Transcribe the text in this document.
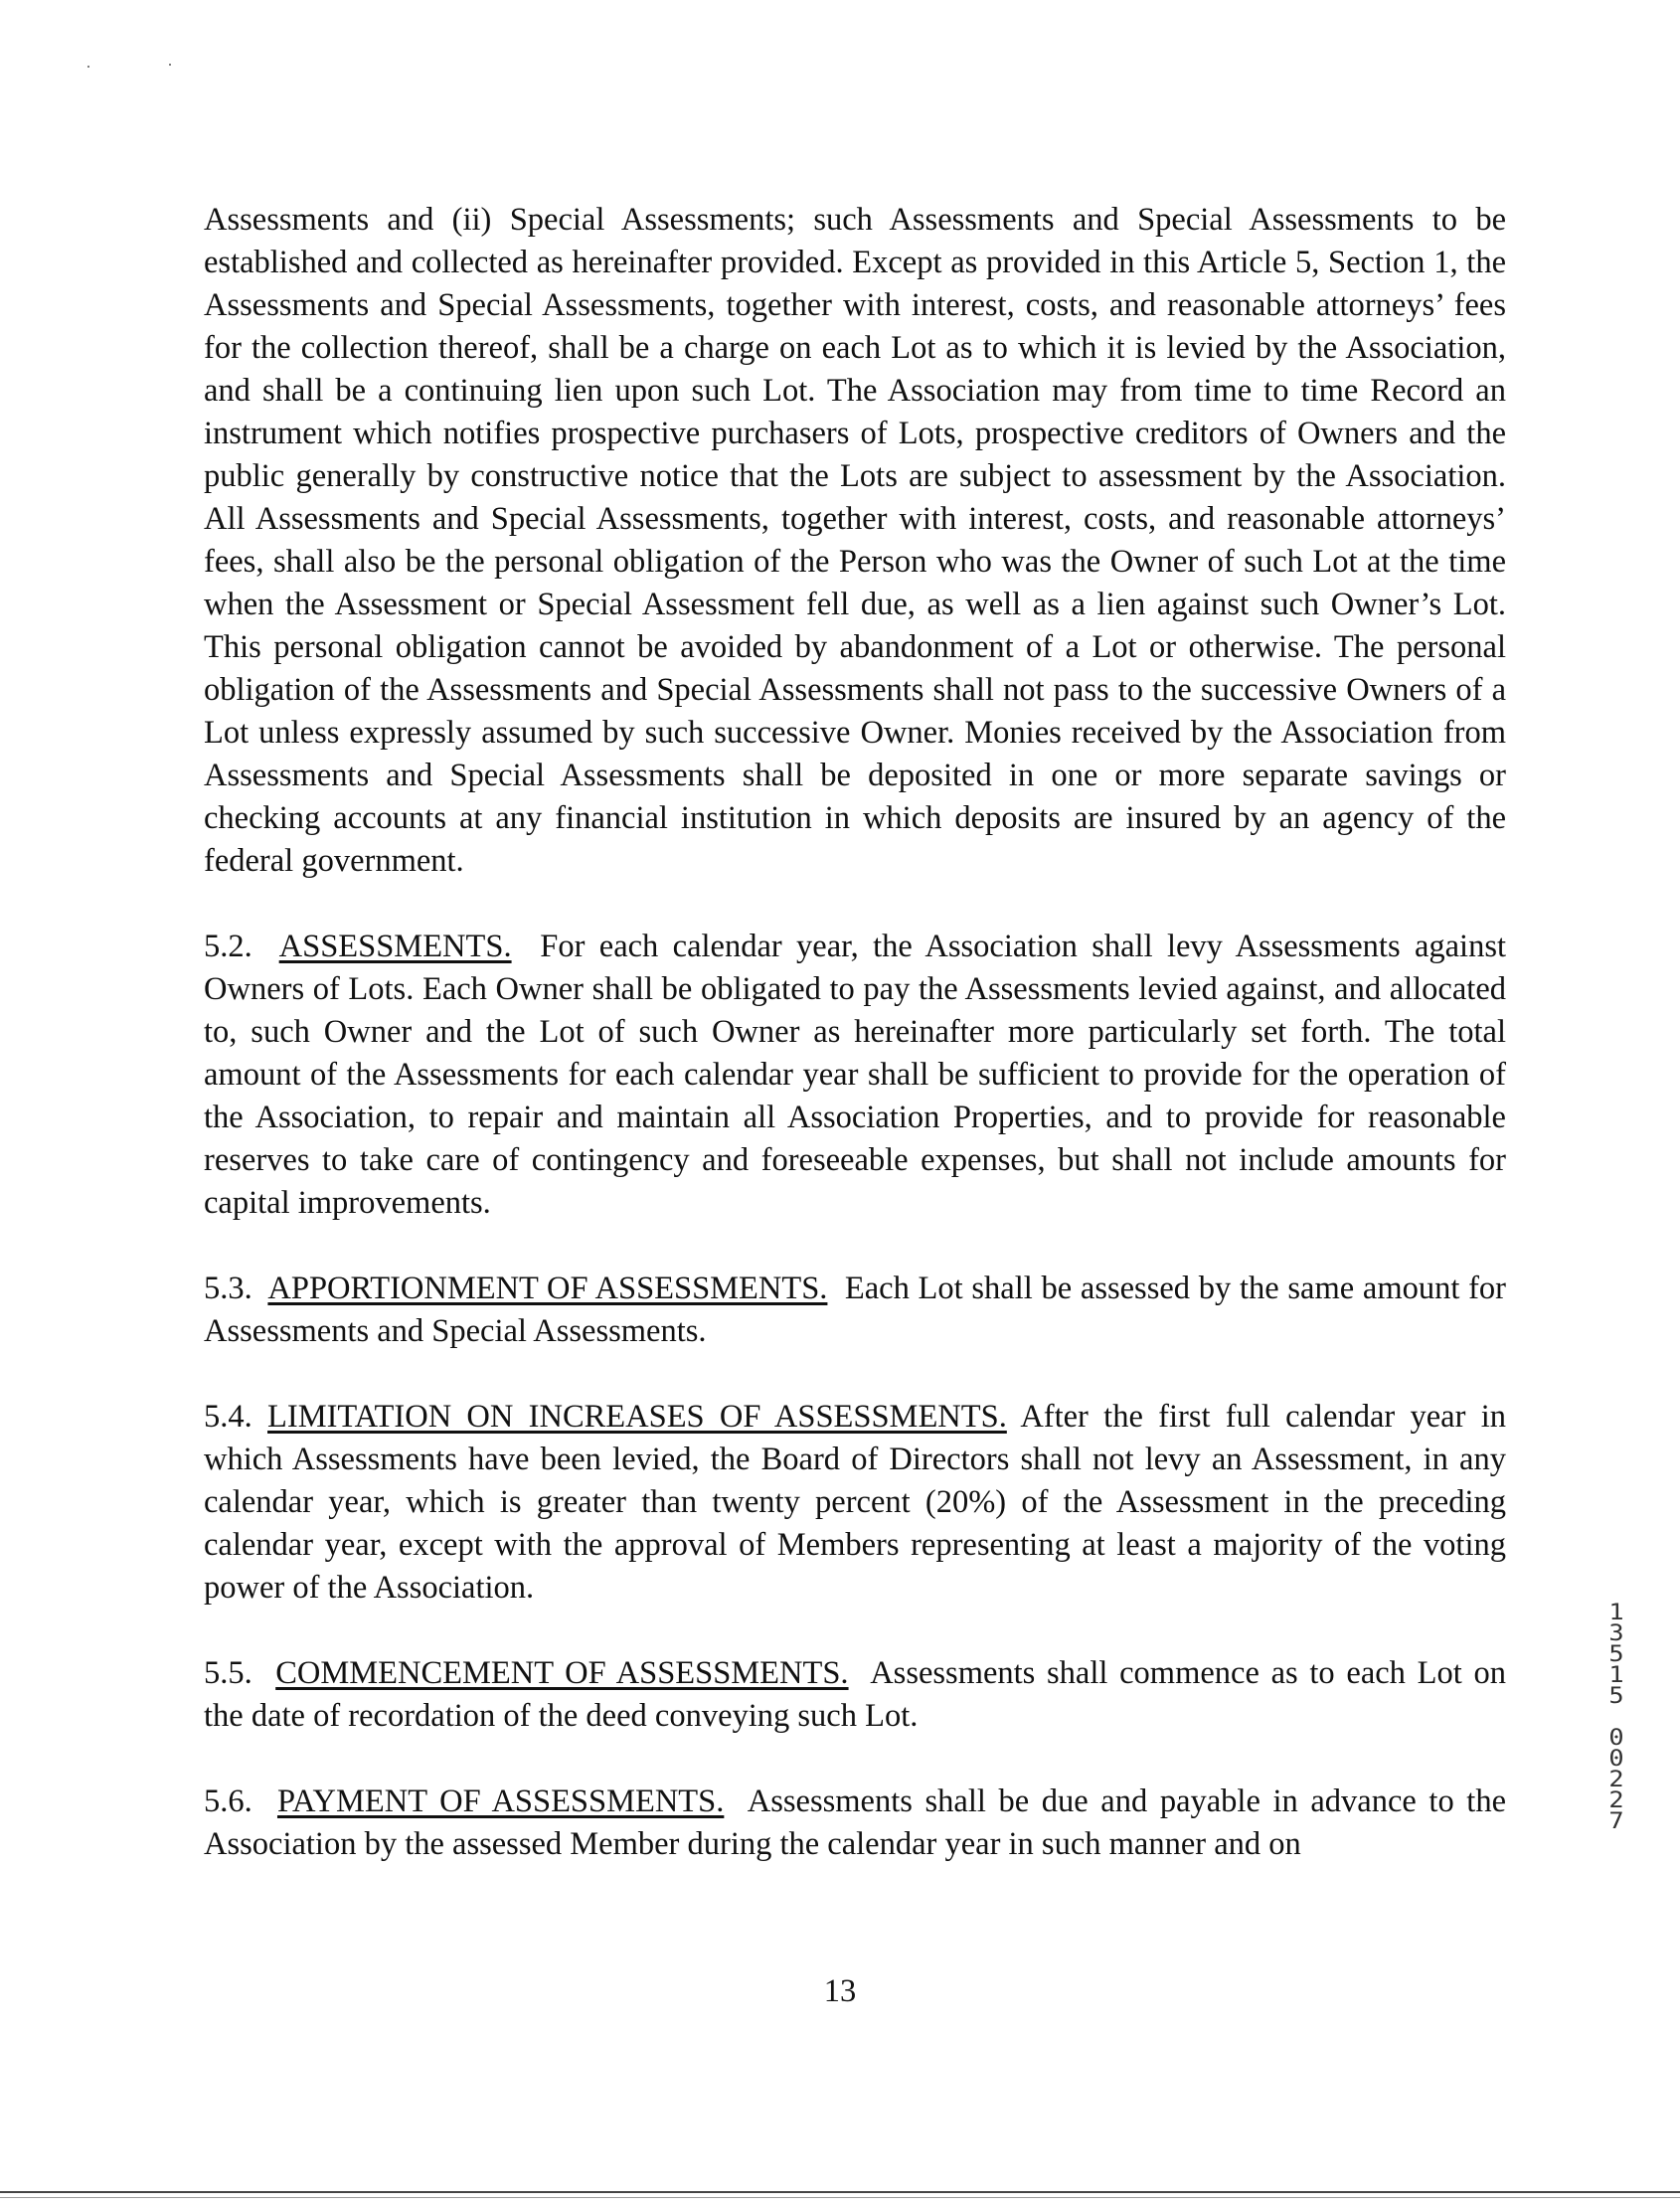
Assessments and (ii) Special Assessments; such Assessments and Special Assessments to be established and collected as hereinafter provided. Except as provided in this Article 5, Section 1, the Assessments and Special Assessments, together with interest, costs, and reasonable attorneys’ fees for the collection thereof, shall be a charge on each Lot as to which it is levied by the Association, and shall be a continuing lien upon such Lot. The Association may from time to time Record an instrument which notifies prospective purchasers of Lots, prospective creditors of Owners and the public generally by constructive notice that the Lots are subject to assessment by the Association. All Assessments and Special Assessments, together with interest, costs, and reasonable attorneys’ fees, shall also be the personal obligation of the Person who was the Owner of such Lot at the time when the Assessment or Special Assessment fell due, as well as a lien against such Owner’s Lot. This personal obligation cannot be avoided by abandonment of a Lot or otherwise. The personal obligation of the Assessments and Special Assessments shall not pass to the successive Owners of a Lot unless expressly assumed by such successive Owner. Monies received by the Association from Assessments and Special Assessments shall be deposited in one or more separate savings or checking accounts at any financial institution in which deposits are insured by an agency of the federal government.

5.2. ASSESSMENTS. For each calendar year, the Association shall levy Assessments against Owners of Lots. Each Owner shall be obligated to pay the Assessments levied against, and allocated to, such Owner and the Lot of such Owner as hereinafter more particularly set forth. The total amount of the Assessments for each calendar year shall be sufficient to provide for the operation of the Association, to repair and maintain all Association Properties, and to provide for reasonable reserves to take care of contingency and foreseeable expenses, but shall not include amounts for capital improvements.

5.3. APPORTIONMENT OF ASSESSMENTS. Each Lot shall be assessed by the same amount for Assessments and Special Assessments.

5.4. LIMITATION ON INCREASES OF ASSESSMENTS. After the first full calendar year in which Assessments have been levied, the Board of Directors shall not levy an Assessment, in any calendar year, which is greater than twenty percent (20%) of the Assessment in the preceding calendar year, except with the approval of Members representing at least a majority of the voting power of the Association.

5.5. COMMENCEMENT OF ASSESSMENTS. Assessments shall commence as to each Lot on the date of recordation of the deed conveying such Lot.

5.6. PAYMENT OF ASSESSMENTS. Assessments shall be due and payable in advance to the Association by the assessed Member during the calendar year in such manner and on

13
1
3
5
1
5

0
0
2
2
7
